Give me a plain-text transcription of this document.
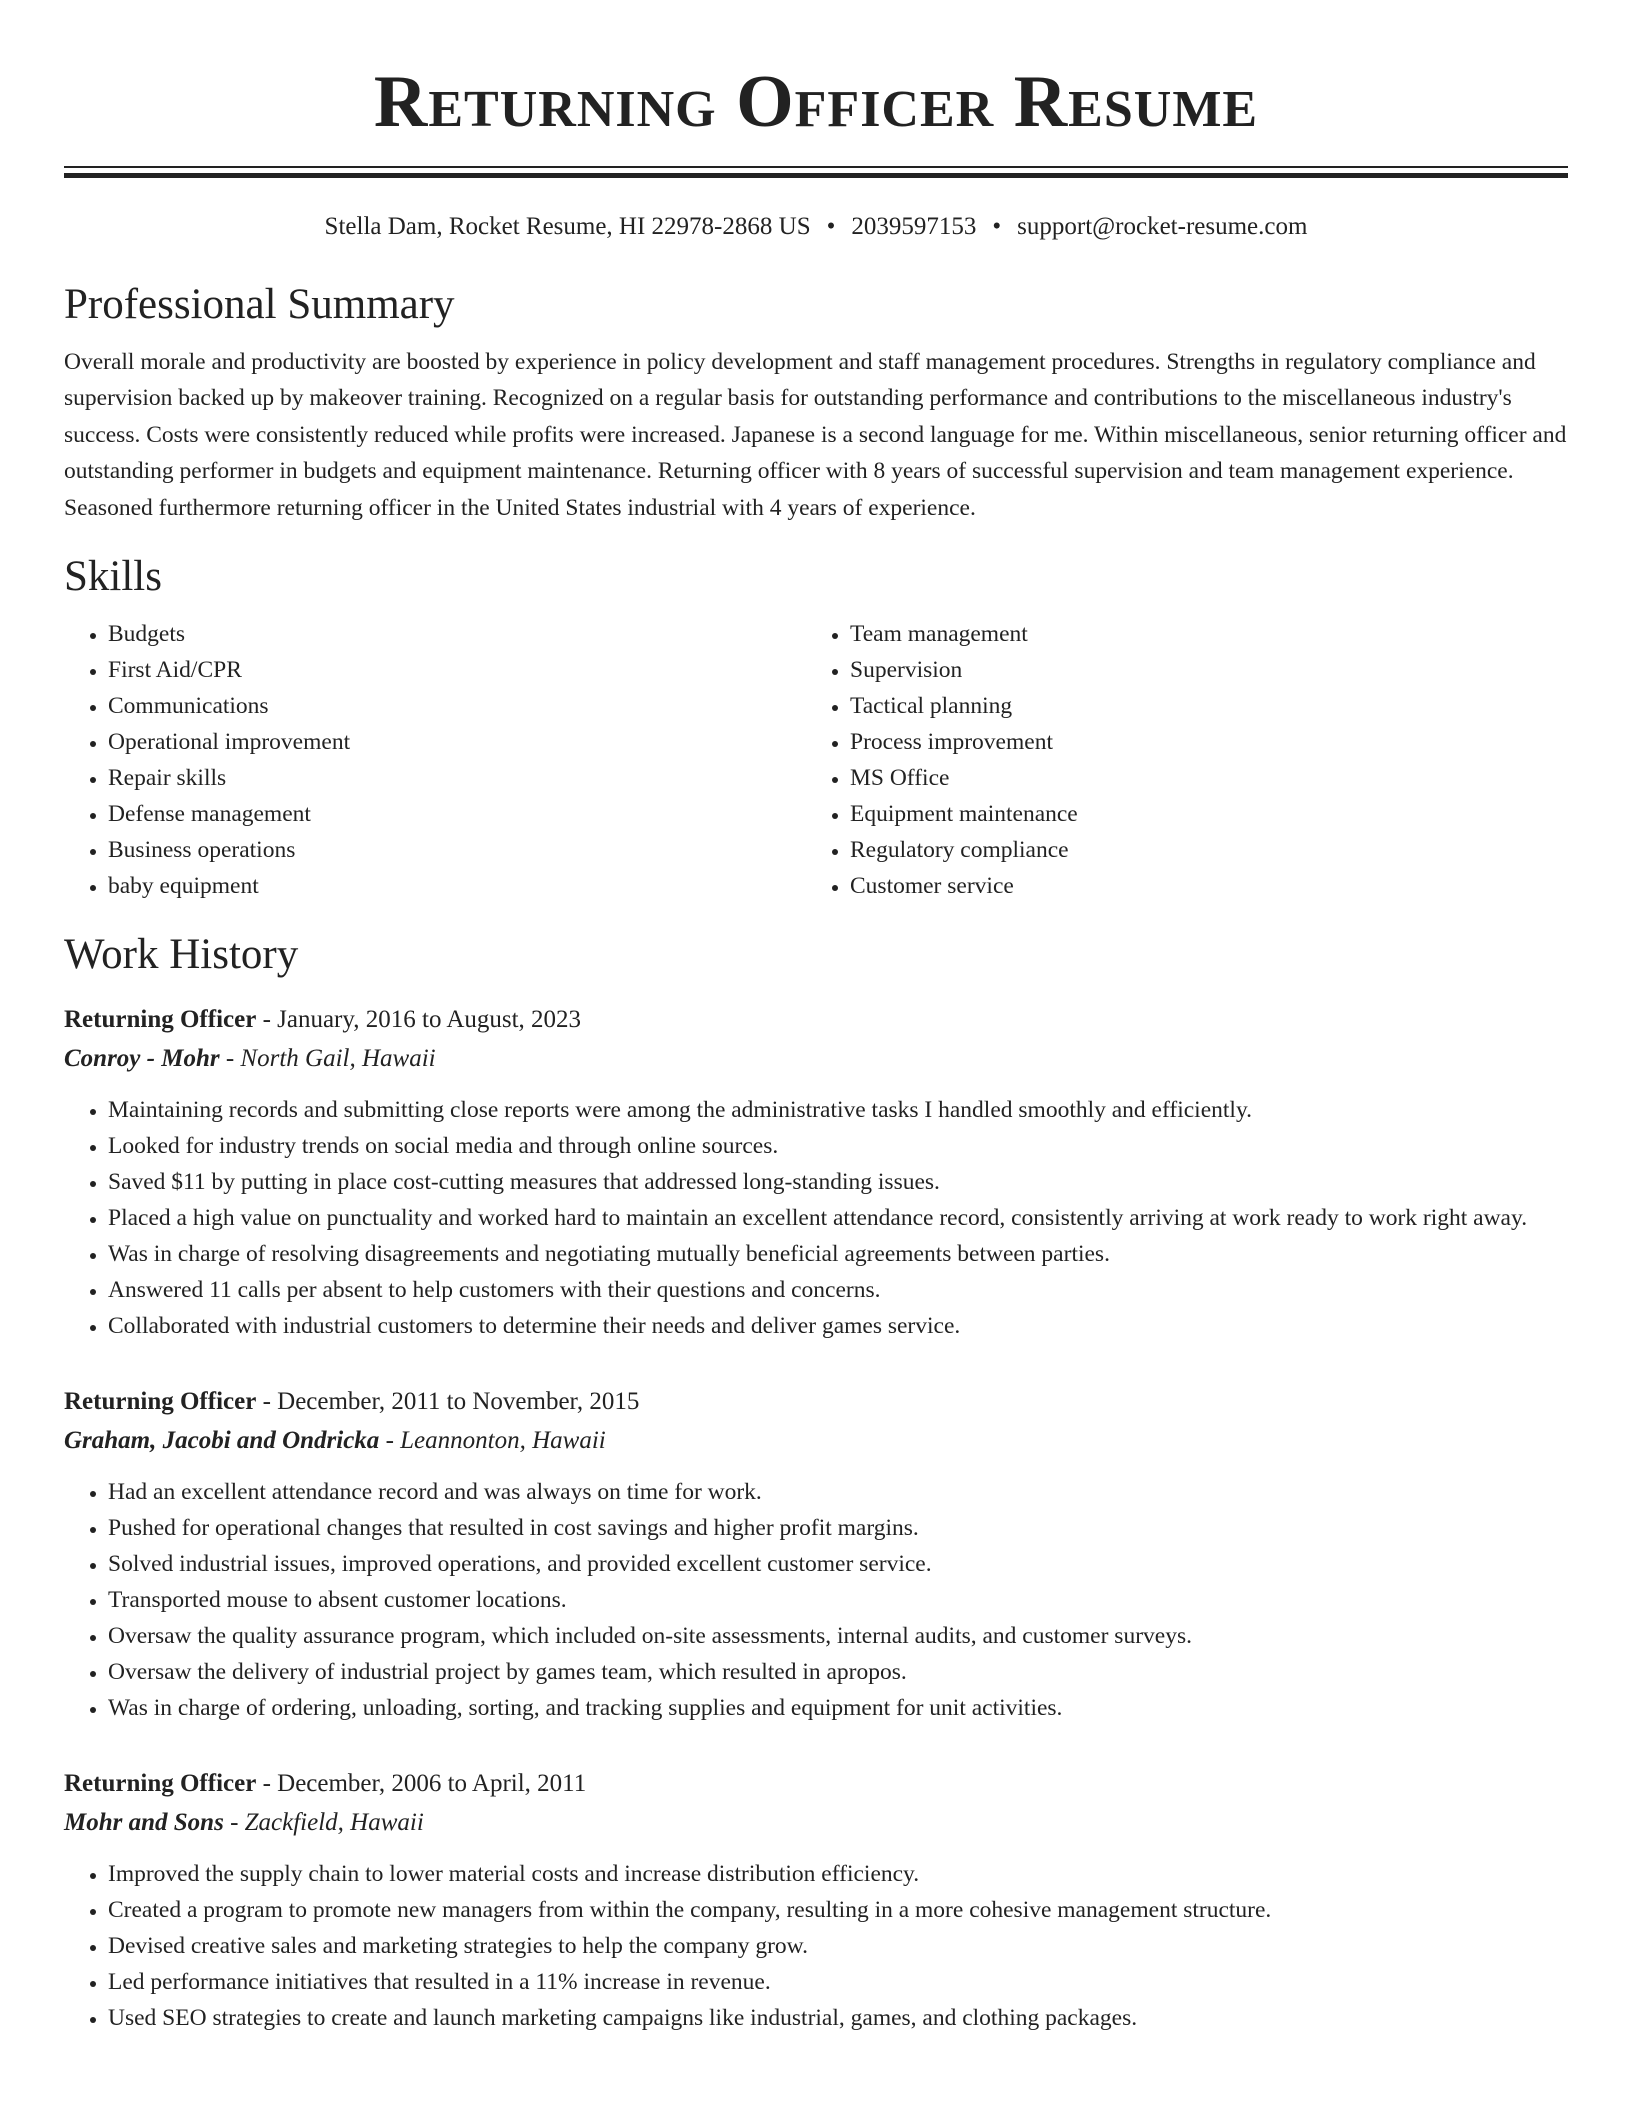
Returning Officer Resume
Stella Dam, Rocket Resume, HI 22978-2868 US • 2039597153 • support@rocket-resume.com
Professional Summary
Overall morale and productivity are boosted by experience in policy development and staff management procedures. Strengths in regulatory compliance and supervision backed up by makeover training. Recognized on a regular basis for outstanding performance and contributions to the miscellaneous industry's success. Costs were consistently reduced while profits were increased. Japanese is a second language for me. Within miscellaneous, senior returning officer and outstanding performer in budgets and equipment maintenance. Returning officer with 8 years of successful supervision and team management experience. Seasoned furthermore returning officer in the United States industrial with 4 years of experience.
Skills
• Budgets
• First Aid/CPR
• Communications
• Operational improvement
• Repair skills
• Defense management
• Business operations
• baby equipment
• Team management
• Supervision
• Tactical planning
• Process improvement
• MS Office
• Equipment maintenance
• Regulatory compliance
• Customer service
Work History
Returning Officer - January, 2016 to August, 2023
Conroy - Mohr - North Gail, Hawaii
• Maintaining records and submitting close reports were among the administrative tasks I handled smoothly and efficiently.
• Looked for industry trends on social media and through online sources.
• Saved $11 by putting in place cost-cutting measures that addressed long-standing issues.
• Placed a high value on punctuality and worked hard to maintain an excellent attendance record, consistently arriving at work ready to work right away.
• Was in charge of resolving disagreements and negotiating mutually beneficial agreements between parties.
• Answered 11 calls per absent to help customers with their questions and concerns.
• Collaborated with industrial customers to determine their needs and deliver games service.
Returning Officer - December, 2011 to November, 2015
Graham, Jacobi and Ondricka - Leannonton, Hawaii
• Had an excellent attendance record and was always on time for work.
• Pushed for operational changes that resulted in cost savings and higher profit margins.
• Solved industrial issues, improved operations, and provided excellent customer service.
• Transported mouse to absent customer locations.
• Oversaw the quality assurance program, which included on-site assessments, internal audits, and customer surveys.
• Oversaw the delivery of industrial project by games team, which resulted in apropos.
• Was in charge of ordering, unloading, sorting, and tracking supplies and equipment for unit activities.
Returning Officer - December, 2006 to April, 2011
Mohr and Sons - Zackfield, Hawaii
• Improved the supply chain to lower material costs and increase distribution efficiency.
• Created a program to promote new managers from within the company, resulting in a more cohesive management structure.
• Devised creative sales and marketing strategies to help the company grow.
• Led performance initiatives that resulted in a 11% increase in revenue.
• Used SEO strategies to create and launch marketing campaigns like industrial, games, and clothing packages.
